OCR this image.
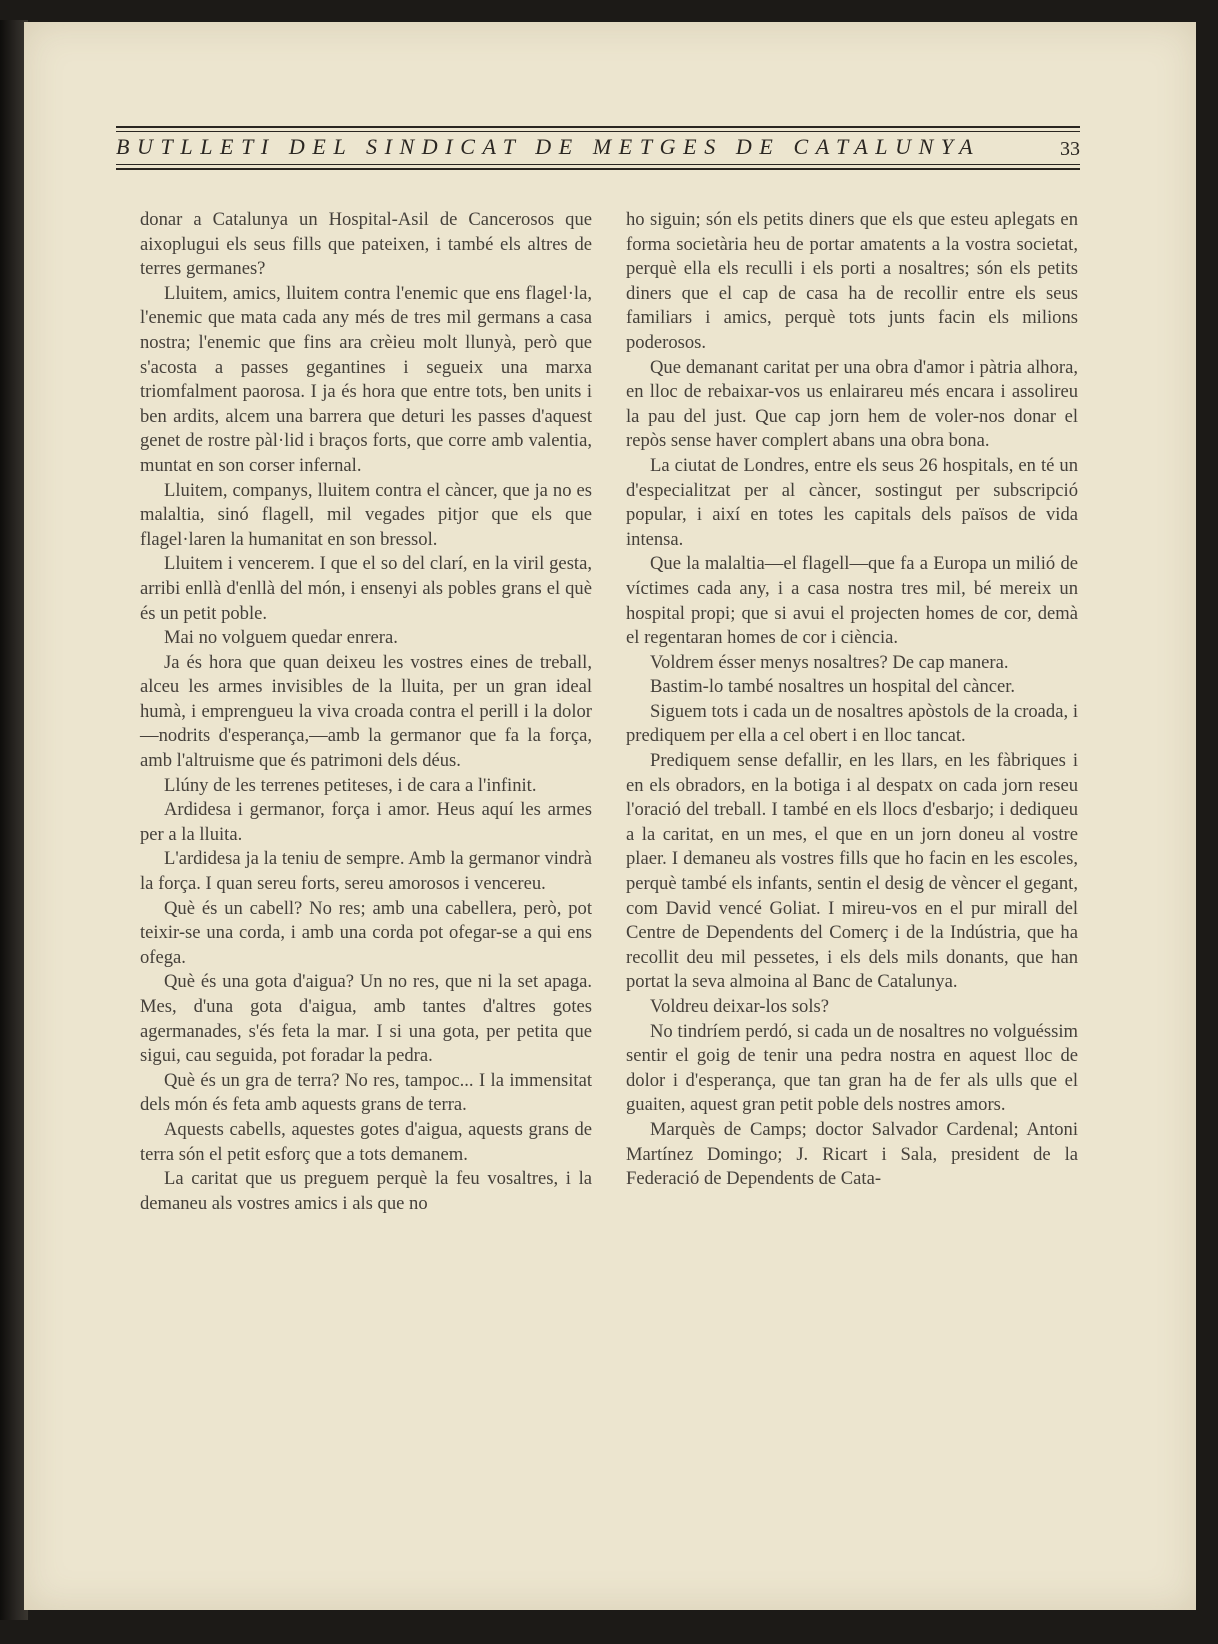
BUTLLETI DEL SINDICAT DE METGES DE CATALUNYA	33

donar a Catalunya un Hospital-Asil de Cancerosos que aixoplugui els seus fills que pateixen, i també els altres de terres germanes?

Lluitem, amics, lluitem contra l'enemic que ens flagel·la, l'enemic que mata cada any més de tres mil germans a casa nostra; l'enemic que fins ara crèieu molt llunyà, però que s'acosta a passes gegantines i segueix una marxa triomfalment paorosa. I ja és hora que entre tots, ben units i ben ardits, alcem una barrera que deturi les passes d'aquest genet de rostre pàl·lid i braços forts, que corre amb valentia, muntat en son corser infernal.

Lluitem, companys, lluitem contra el càncer, que ja no es malaltia, sinó flagell, mil vegades pitjor que els que flagel·laren la humanitat en son bressol.

Lluitem i vencerem. I que el so del clarí, en la viril gesta, arribi enllà d'enllà del món, i ensenyi als pobles grans el què és un petit poble.

Mai no volguem quedar enrera.

Ja és hora que quan deixeu les vostres eines de treball, alceu les armes invisibles de la lluita, per un gran ideal humà, i emprengueu la viva croada contra el perill i la dolor—nodrits d'esperança,—amb la germanor que fa la força, amb l'altruisme que és patrimoni dels déus.

Llúny de les terrenes petiteses, i de cara a l'infinit.

Ardidesa i germanor, força i amor. Heus aquí les armes per a la lluita.

L'ardidesa ja la teniu de sempre. Amb la germanor vindrà la força. I quan sereu forts, sereu amorosos i vencereu.

Què és un cabell? No res; amb una cabellera, però, pot teixir-se una corda, i amb una corda pot ofegar-se a qui ens ofega.

Què és una gota d'aigua? Un no res, que ni la set apaga. Mes, d'una gota d'aigua, amb tantes d'altres gotes agermanades, s'és feta la mar. I si una gota, per petita que sigui, cau seguida, pot foradar la pedra.

Què és un gra de terra? No res, tampoc... I la immensitat dels món és feta amb aquests grans de terra.

Aquests cabells, aquestes gotes d'aigua, aquests grans de terra són el petit esforç que a tots demanem.

La caritat que us preguem perquè la feu vosaltres, i la demaneu als vostres amics i als que no

ho siguin; són els petits diners que els que esteu aplegats en forma societària heu de portar amatents a la vostra societat, perquè ella els reculli i els porti a nosaltres; són els petits diners que el cap de casa ha de recollir entre els seus familiars i amics, perquè tots junts facin els milions poderosos.

Que demanant caritat per una obra d'amor i pàtria alhora, en lloc de rebaixar-vos us enlairareu més encara i assolireu la pau del just. Que cap jorn hem de voler-nos donar el repòs sense haver complert abans una obra bona.

La ciutat de Londres, entre els seus 26 hospitals, en té un d'especialitzat per al càncer, sostingut per subscripció popular, i així en totes les capitals dels països de vida intensa.

Que la malaltia—el flagell—que fa a Europa un milió de víctimes cada any, i a casa nostra tres mil, bé mereix un hospital propi; que si avui el projecten homes de cor, demà el regentaran homes de cor i ciència.

Voldrem ésser menys nosaltres? De cap manera.

Bastim-lo també nosaltres un hospital del càncer.

Siguem tots i cada un de nosaltres apòstols de la croada, i prediquem per ella a cel obert i en lloc tancat.

Prediquem sense defallir, en les llars, en les fàbriques i en els obradors, en la botiga i al despatx on cada jorn reseu l'oració del treball. I també en els llocs d'esbarjo; i dediqueu a la caritat, en un mes, el que en un jorn doneu al vostre plaer. I demaneu als vostres fills que ho facin en les escoles, perquè també els infants, sentin el desig de vèncer el gegant, com David vencé Goliat. I mireu-vos en el pur mirall del Centre de Dependents del Comerç i de la Indústria, que ha recollit deu mil pessetes, i els dels mils donants, que han portat la seva almoina al Banc de Catalunya.

Voldreu deixar-los sols?

No tindríem perdó, si cada un de nosaltres no volguéssim sentir el goig de tenir una pedra nostra en aquest lloc de dolor i d'esperança, que tan gran ha de fer als ulls que el guaiten, aquest gran petit poble dels nostres amors.

Marquès de Camps; doctor Salvador Cardenal; Antoni Martínez Domingo; J. Ricart i Sala, president de la Federació de Dependents de Cata-
